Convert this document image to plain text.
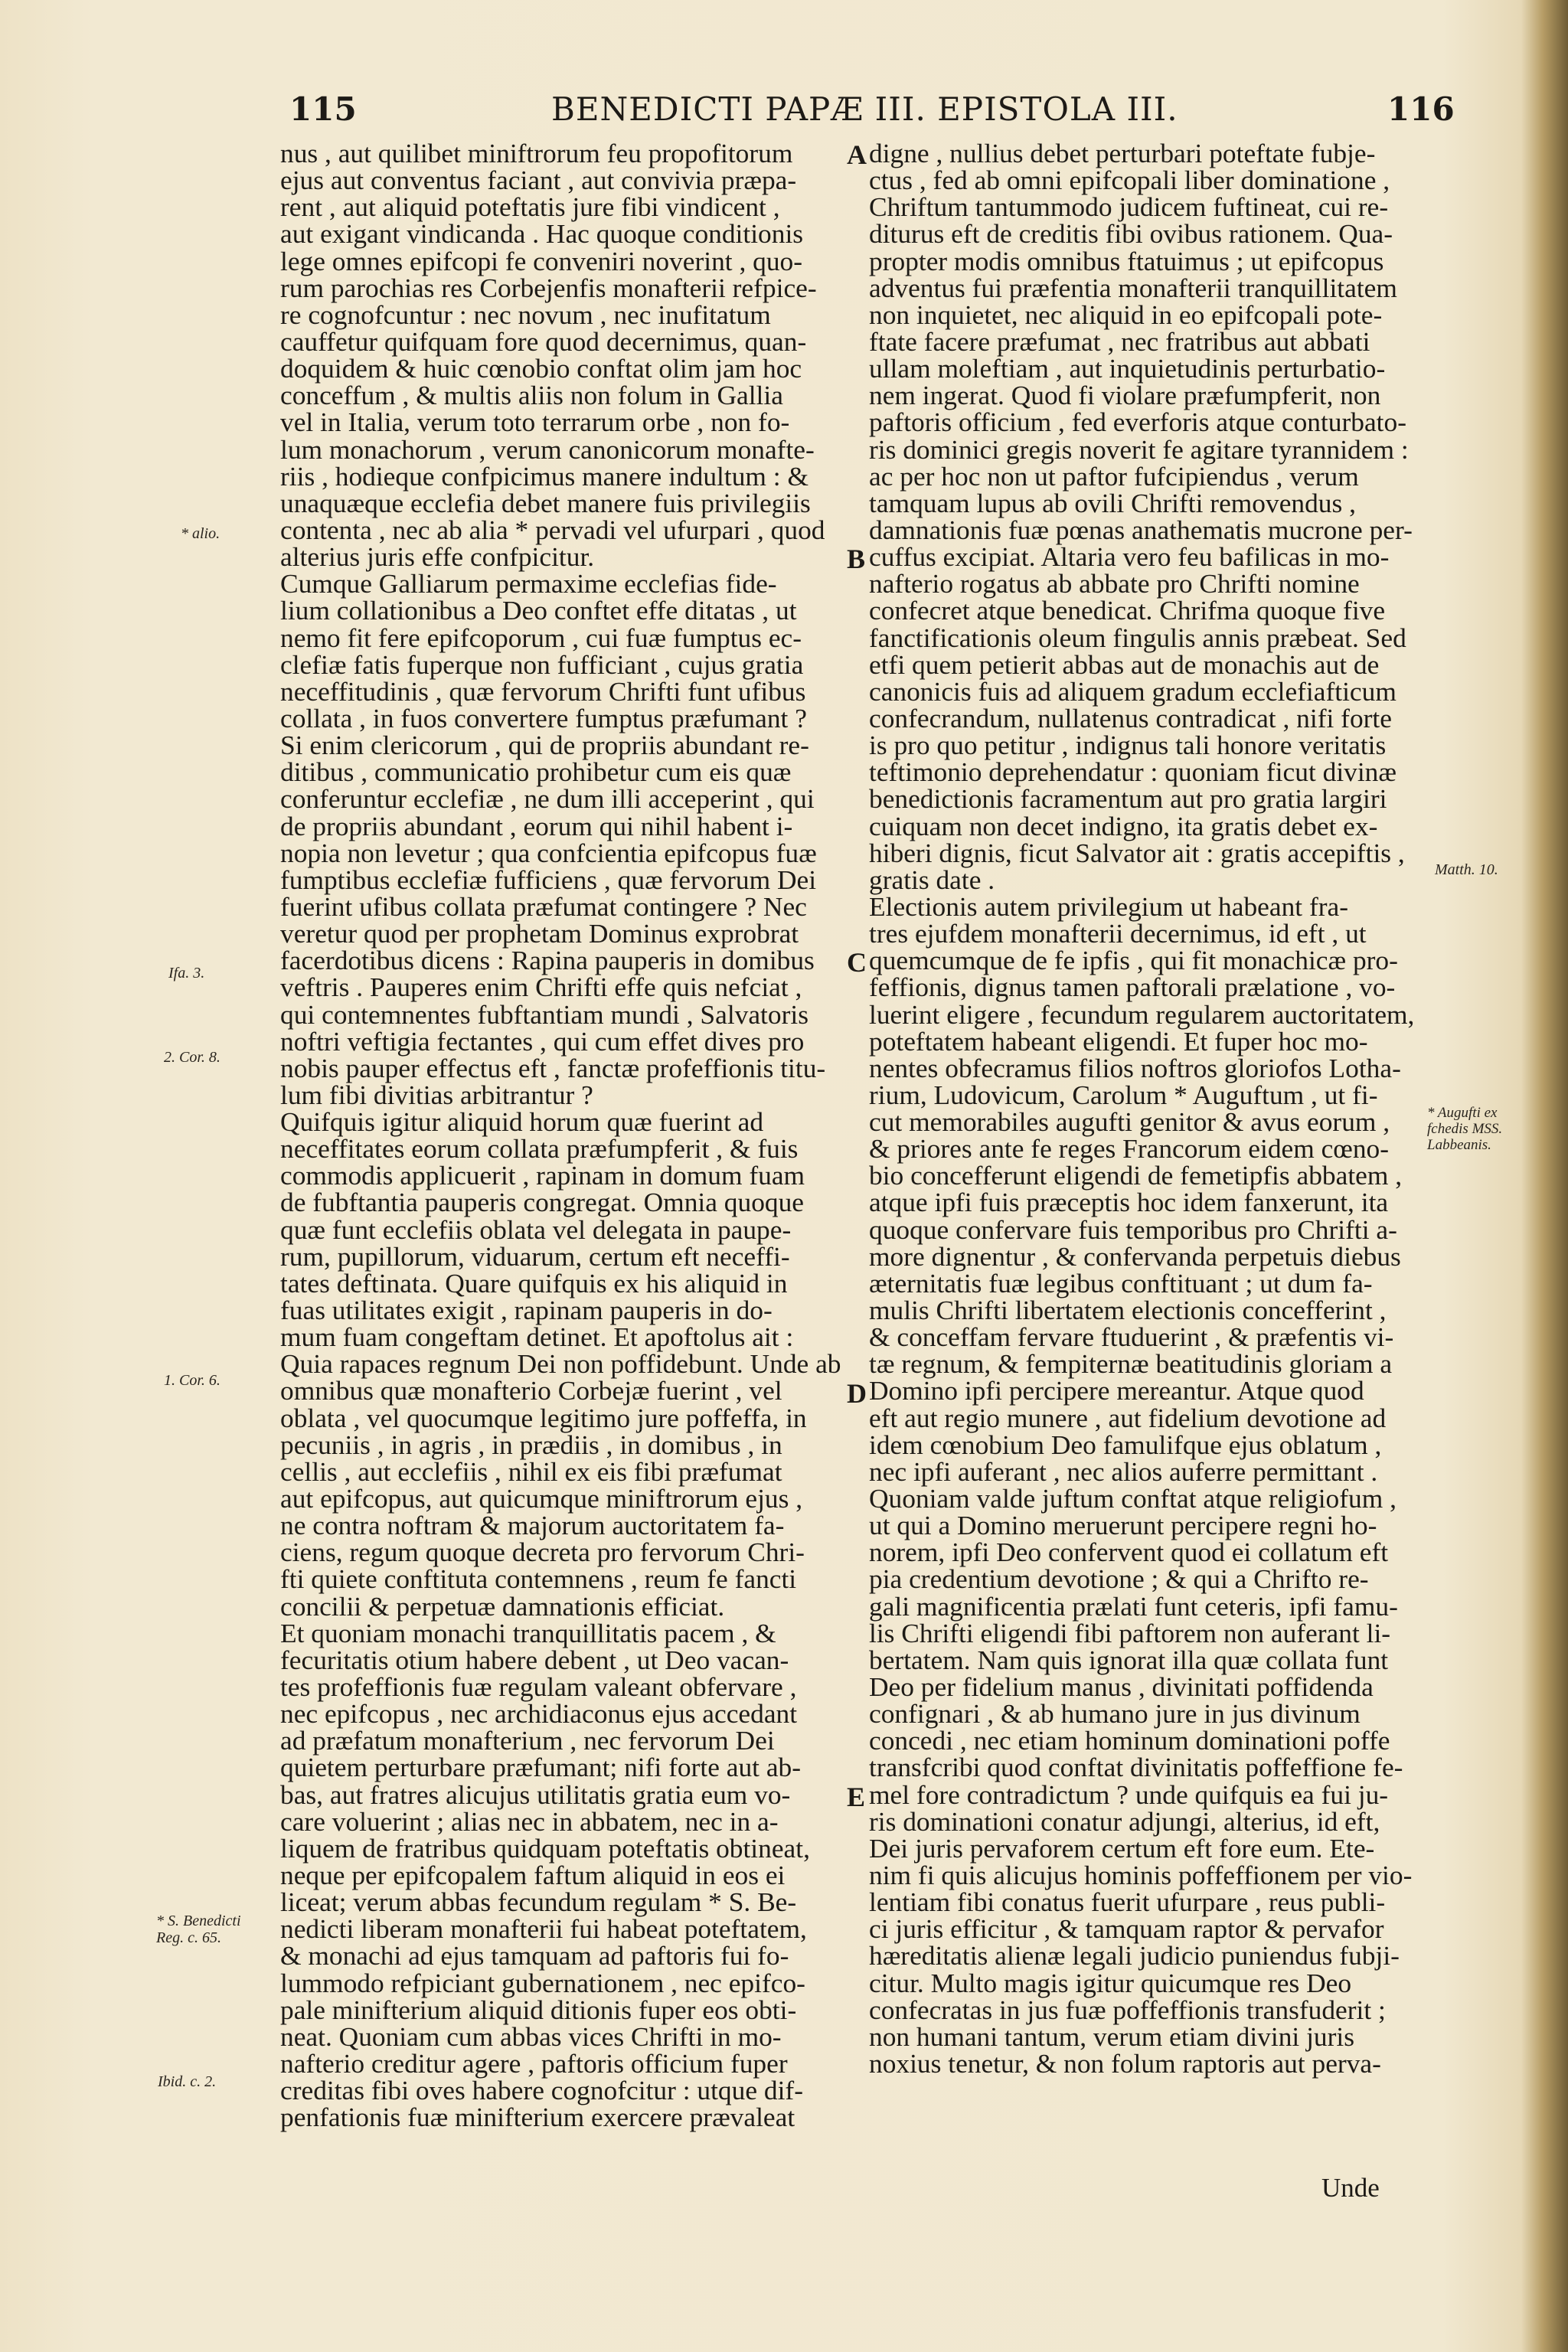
115	BENEDICTI PAPÆ III. EPISTOLA III.	116
nus , aut quilibet miniftrorum feu propofitorum
ejus aut conventus faciant , aut convivia præpa-
rent , aut aliquid poteftatis jure fibi vindicent ,
aut exigant vindicanda . Hac quoque conditionis
lege omnes epifcopi fe conveniri noverint , quo-
rum parochias res Corbejenfis monafterii refpice-
re cognofcuntur : nec novum , nec inufitatum
cauffetur quifquam fore quod decernimus, quan-
doquidem & huic cœnobio conftat olim jam hoc
conceffum , & multis aliis non folum in Gallia
vel in Italia, verum toto terrarum orbe , non fo-
lum monachorum , verum canonicorum monafte-
riis , hodieque confpicimus manere indultum : &
unaquæque ecclefia debet manere fuis privilegiis
contenta , nec ab alia * pervadi vel ufurpari , quod
alterius juris effe confpicitur.
Cumque Galliarum permaxime ecclefias fide-
lium collationibus a Deo conftet effe ditatas , ut
nemo fit fere epifcoporum , cui fuæ fumptus ec-
clefiæ fatis fuperque non fufficiant , cujus gratia
neceffitudinis , quæ fervorum Chrifti funt ufibus
collata , in fuos convertere fumptus præfumant ?
Si enim clericorum , qui de propriis abundant re-
ditibus , communicatio prohibetur cum eis quæ
conferuntur ecclefiæ , ne dum illi acceperint , qui
de propriis abundant , eorum qui nihil habent i-
nopia non levetur ; qua confcientia epifcopus fuæ
fumptibus ecclefiæ fufficiens , quæ fervorum Dei
fuerint ufibus collata præfumat contingere ? Nec
veretur quod per prophetam Dominus exprobrat
facerdotibus dicens : Rapina pauperis in domibus
veftris . Pauperes enim Chrifti effe quis nefciat ,
qui contemnentes fubftantiam mundi , Salvatoris
noftri veftigia fectantes , qui cum effet dives pro
nobis pauper effectus eft , fanctæ profeffionis titu-
lum fibi divitias arbitrantur ?
Quifquis igitur aliquid horum quæ fuerint ad
neceffitates eorum collata præfumpferit , & fuis
commodis applicuerit , rapinam in domum fuam
de fubftantia pauperis congregat. Omnia quoque
quæ funt ecclefiis oblata vel delegata in paupe-
rum, pupillorum, viduarum, certum eft neceffi-
tates deftinata. Quare quifquis ex his aliquid in
fuas utilitates exigit , rapinam pauperis in do-
mum fuam congeftam detinet. Et apoftolus ait :
Quia rapaces regnum Dei non poffidebunt. Unde ab
omnibus quæ monafterio Corbejæ fuerint , vel
oblata , vel quocumque legitimo jure poffeffa, in
pecuniis , in agris , in prædiis , in domibus , in
cellis , aut ecclefiis , nihil ex eis fibi præfumat
aut epifcopus, aut quicumque miniftrorum ejus ,
ne contra noftram & majorum auctoritatem fa-
ciens, regum quoque decreta pro fervorum Chri-
fti quiete conftituta contemnens , reum fe fancti
concilii & perpetuæ damnationis efficiat.
Et quoniam monachi tranquillitatis pacem , &
fecuritatis otium habere debent , ut Deo vacan-
tes profeffionis fuæ regulam valeant obfervare ,
nec epifcopus , nec archidiaconus ejus accedant
ad præfatum monafterium , nec fervorum Dei
quietem perturbare præfumant; nifi forte aut ab-
bas, aut fratres alicujus utilitatis gratia eum vo-
care voluerint ; alias nec in abbatem, nec in a-
liquem de fratribus quidquam poteftatis obtineat,
neque per epifcopalem faftum aliquid in eos ei
liceat; verum abbas fecundum regulam * S. Be-
nedicti liberam monafterii fui habeat poteftatem,
& monachi ad ejus tamquam ad paftoris fui fo-
lummodo refpiciant gubernationem , nec epifco-
pale minifterium aliquid ditionis fuper eos obti-
neat. Quoniam cum abbas vices Chrifti in mo-
nafterio creditur agere , paftoris officium fuper
creditas fibi oves habere cognofcitur : utque dif-
penfationis fuæ minifterium exercere prævaleat
digne , nullius debet perturbari poteftate fubje-
ctus , fed ab omni epifcopali liber dominatione ,
Chriftum tantummodo judicem fuftineat, cui re-
diturus eft de creditis fibi ovibus rationem. Qua-
propter modis omnibus ftatuimus ; ut epifcopus
adventus fui præfentia monafterii tranquillitatem
non inquietet, nec aliquid in eo epifcopali pote-
ftate facere præfumat , nec fratribus aut abbati
ullam moleftiam , aut inquietudinis perturbatio-
nem ingerat. Quod fi violare præfumpferit, non
paftoris officium , fed everforis atque conturbato-
ris dominici gregis noverit fe agitare tyrannidem :
ac per hoc non ut paftor fufcipiendus , verum
tamquam lupus ab ovili Chrifti removendus ,
damnationis fuæ pœnas anathematis mucrone per-
cuffus excipiat. Altaria vero feu bafilicas in mo-
nafterio rogatus ab abbate pro Chrifti nomine
confecret atque benedicat. Chrifma quoque five
fanctificationis oleum fingulis annis præbeat. Sed
etfi quem petierit abbas aut de monachis aut de
canonicis fuis ad aliquem gradum ecclefiafticum
confecrandum, nullatenus contradicat , nifi forte
is pro quo petitur , indignus tali honore veritatis
teftimonio deprehendatur : quoniam ficut divinæ
benedictionis facramentum aut pro gratia largiri
cuiquam non decet indigno, ita gratis debet ex-
hiberi dignis, ficut Salvator ait : gratis accepiftis ,
gratis date .
Electionis autem privilegium ut habeant fra-
tres ejufdem monafterii decernimus, id eft , ut
quemcumque de fe ipfis , qui fit monachicæ pro-
feffionis, dignus tamen paftorali prælatione , vo-
luerint eligere , fecundum regularem auctoritatem,
poteftatem habeant eligendi. Et fuper hoc mo-
nentes obfecramus filios noftros gloriofos Lotha-
rium, Ludovicum, Carolum * Auguftum , ut fi-
cut memorabiles augufti genitor & avus eorum ,
& priores ante fe reges Francorum eidem cœno-
bio concefferunt eligendi de femetipfis abbatem ,
atque ipfi fuis præceptis hoc idem fanxerunt, ita
quoque confervare fuis temporibus pro Chrifti a-
more dignentur , & confervanda perpetuis diebus
æternitatis fuæ legibus conftituant ; ut dum fa-
mulis Chrifti libertatem electionis concefferint ,
& conceffam fervare ftuduerint , & præfentis vi-
tæ regnum, & fempiternæ beatitudinis gloriam a
Domino ipfi percipere mereantur. Atque quod
eft aut regio munere , aut fidelium devotione ad
idem cœnobium Deo famulifque ejus oblatum ,
nec ipfi auferant , nec alios auferre permittant .
Quoniam valde juftum conftat atque religiofum ,
ut qui a Domino meruerunt percipere regni ho-
norem, ipfi Deo confervent quod ei collatum eft
pia credentium devotione ; & qui a Chrifto re-
gali magnificentia prælati funt ceteris, ipfi famu-
lis Chrifti eligendi fibi paftorem non auferant li-
bertatem. Nam quis ignorat illa quæ collata funt
Deo per fidelium manus , divinitati poffidenda
confignari , & ab humano jure in jus divinum
concedi , nec etiam hominum dominationi poffe
transfcribi quod conftat divinitatis poffeffione fe-
mel fore contradictum ? unde quifquis ea fui ju-
ris dominationi conatur adjungi, alterius, id eft,
Dei juris pervaforem certum eft fore eum. Ete-
nim fi quis alicujus hominis poffeffionem per vio-
lentiam fibi conatus fuerit ufurpare , reus publi-
ci juris efficitur , & tamquam raptor & pervafor
hæreditatis alienæ legali judicio puniendus fubji-
citur. Multo magis igitur quicumque res Deo
confecratas in jus fuæ poffeffionis transfuderit ;
non humani tantum, verum etiam divini juris
noxius tenetur, & non folum raptoris aut perva-
A
B
C
D
E
* alio.
Ifa. 3.
2. Cor. 8.
1. Cor. 6.
* S. Benedicti Reg. c. 65.
Ibid. c. 2.
Matth. 10.
* Augufti ex fchedis MSS. Labbeanis.
Unde
